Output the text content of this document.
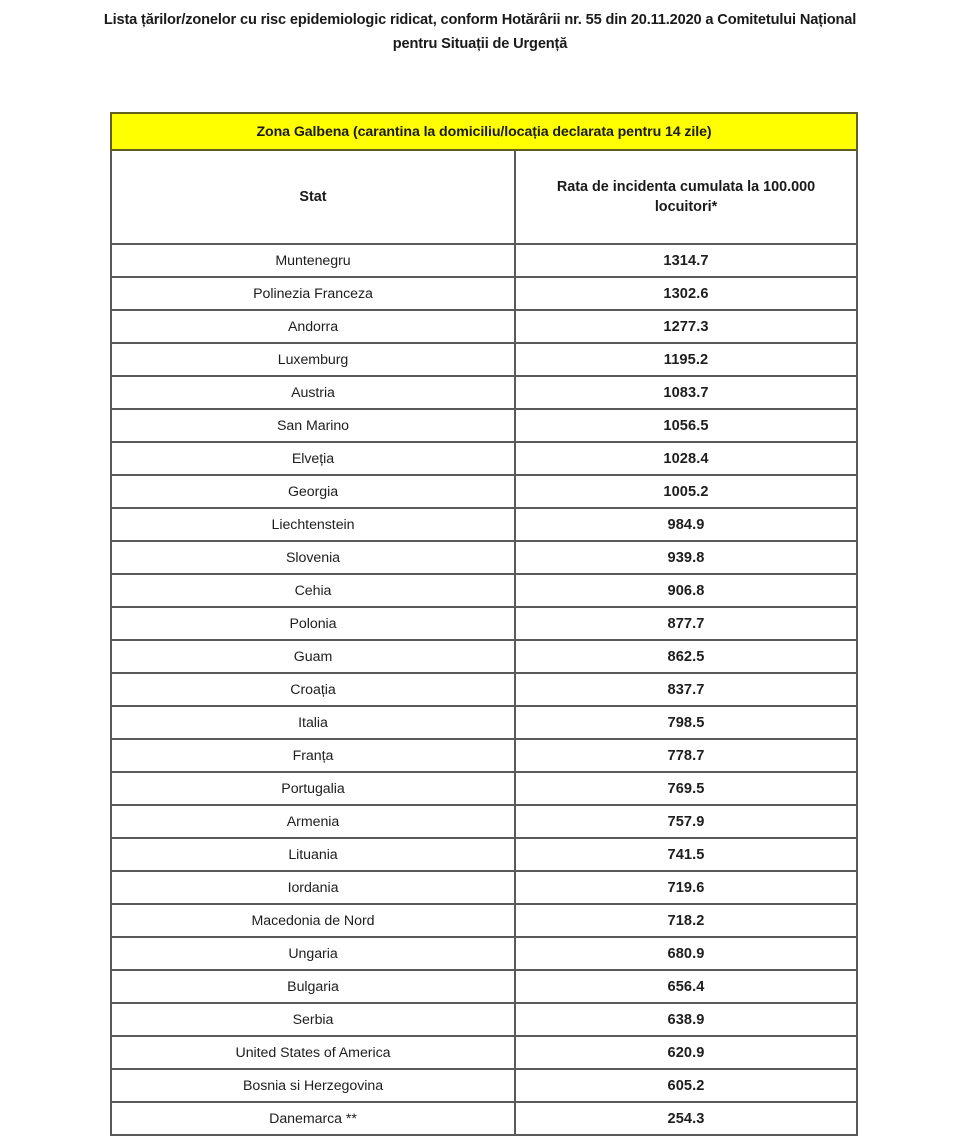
Lista țărilor/zonelor cu risc epidemiologic ridicat, conform Hotărârii nr. 55 din 20.11.2020 a Comitetului Național
pentru Situații de Urgență
Zona Galbena (carantina la domiciliu/locația declarata pentru 14 zile)	
Stat	Rata de incidenta cumulata la 100.000 locuitori*
Muntenegru	1314.7
Polinezia Franceza	1302.6
Andorra	1277.3
Luxemburg	1195.2
Austria	1083.7
San Marino	1056.5
Elveția	1028.4
Georgia	1005.2
Liechtenstein	984.9
Slovenia	939.8
Cehia	906.8
Polonia	877.7
Guam	862.5
Croația	837.7
Italia	798.5
Franța	778.7
Portugalia	769.5
Armenia	757.9
Lituania	741.5
Iordania	719.6
Macedonia de Nord	718.2
Ungaria	680.9
Bulgaria	656.4
Serbia	638.9
United States of America	620.9
Bosnia si Herzegovina	605.2
Danemarca **	254.3
